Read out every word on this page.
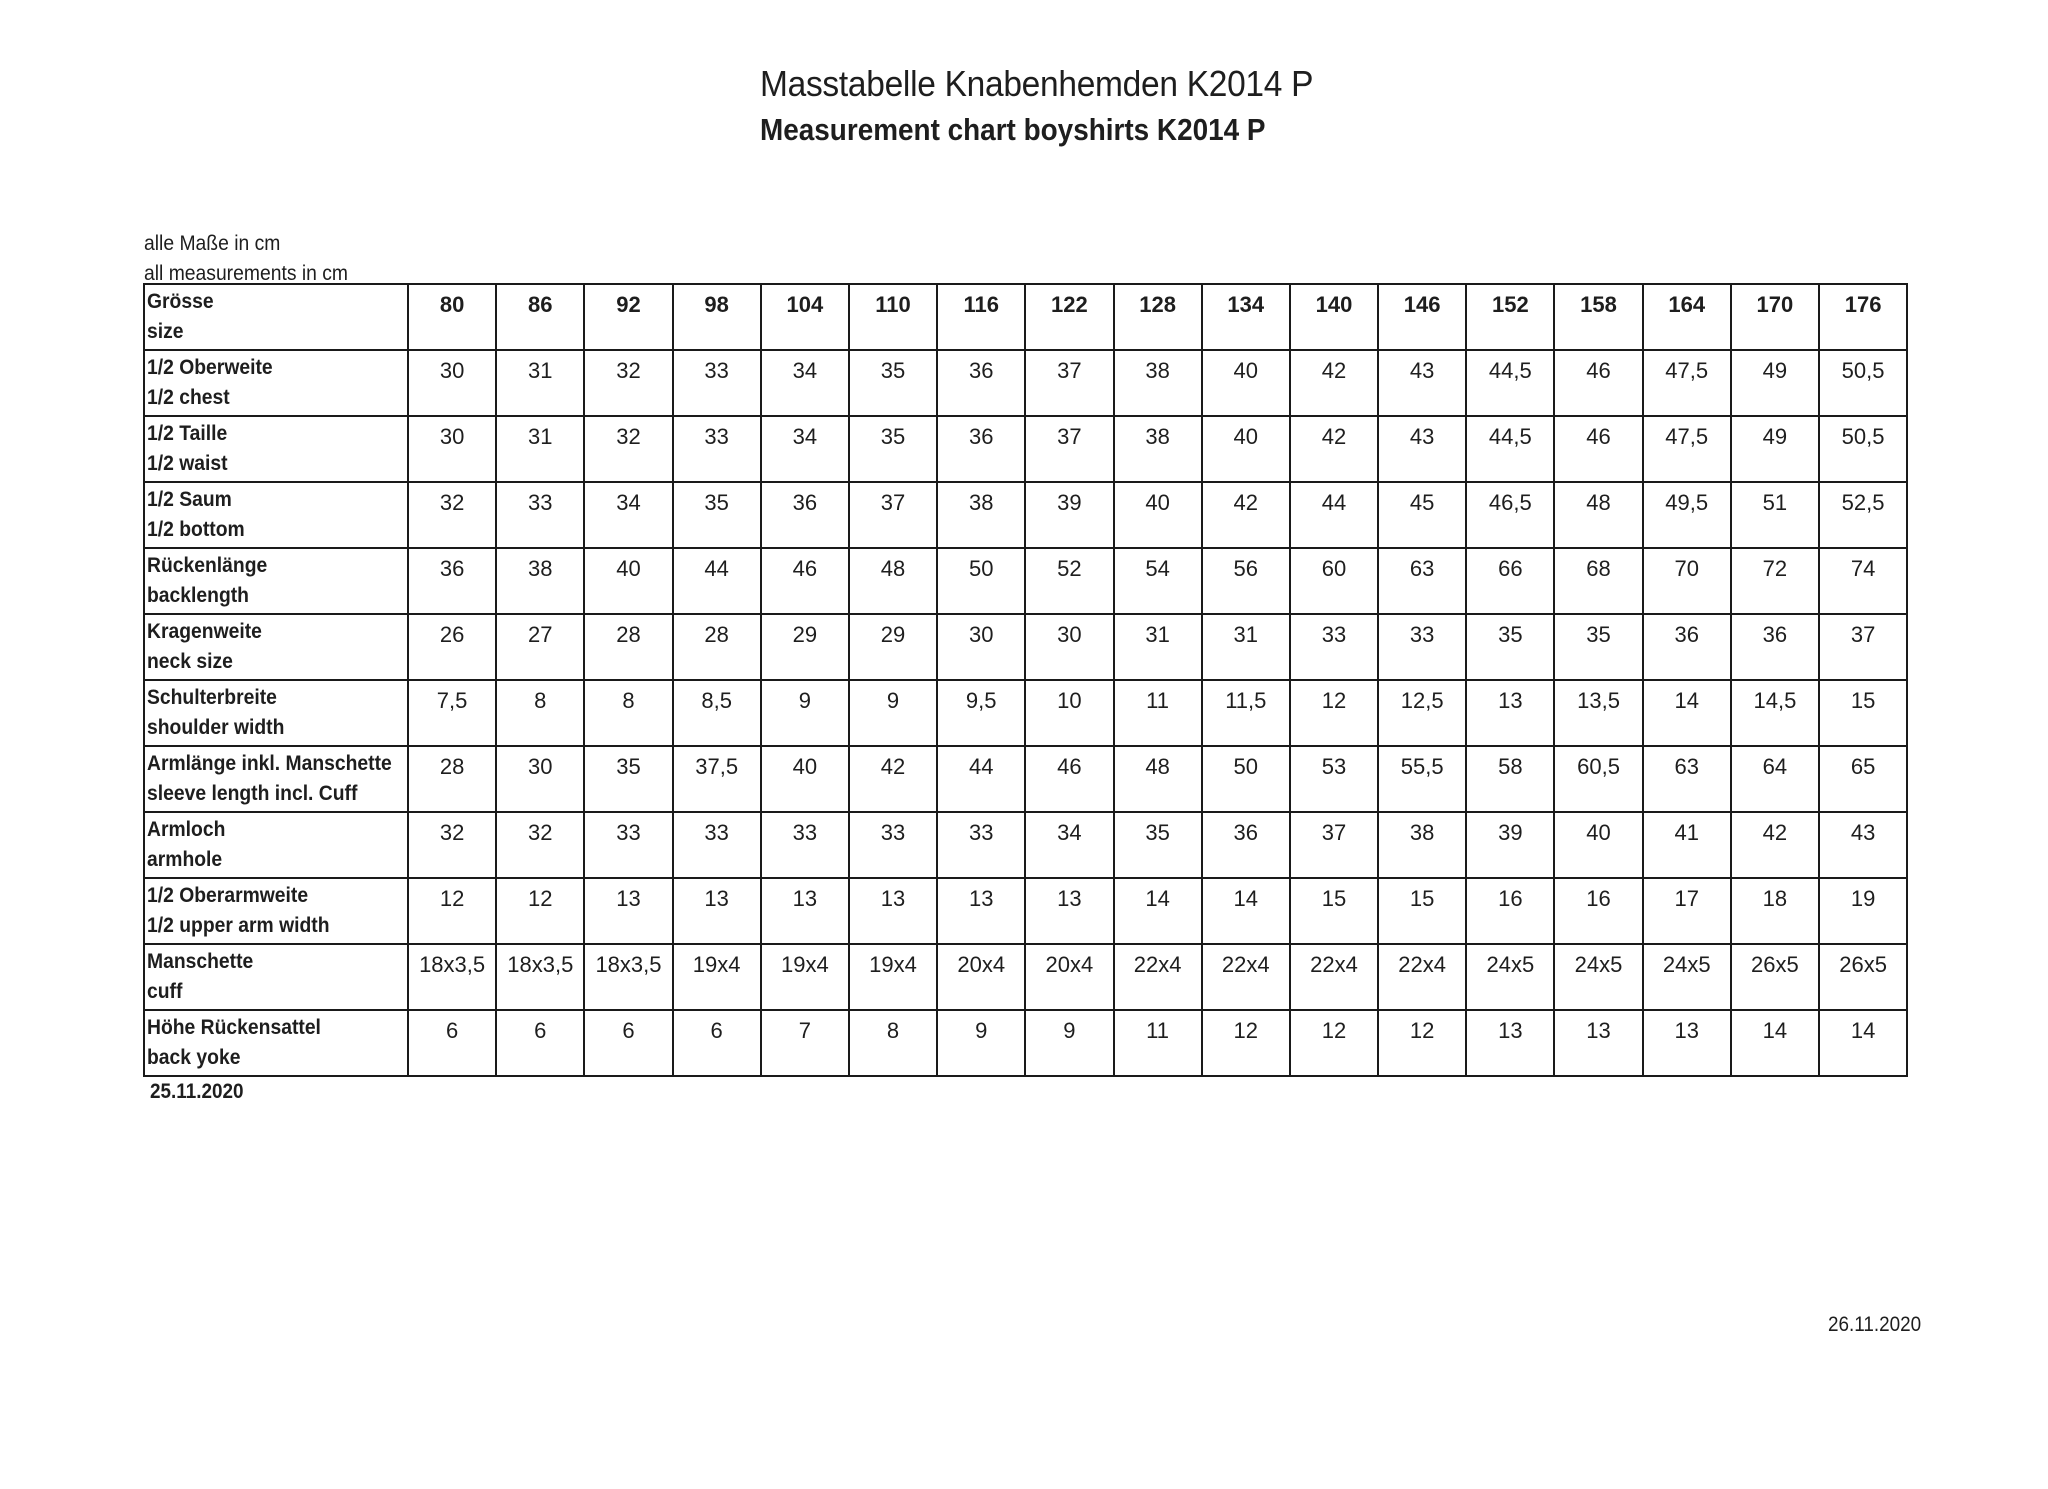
Masstabelle Knabenhemden K2014 P
Measurement chart boyshirts K2014 P
alle Maße in cm
all measurements in cm
Grösse
size	80	86	92	98	104	110	116	122	128	134	140	146	152	158	164	170	176

1/2 Oberweite
1/2 chest	30	31	32	33	34	35	36	37	38	40	42	43	44,5	46	47,5	49	50,5

1/2 Taille
1/2 waist	30	31	32	33	34	35	36	37	38	40	42	43	44,5	46	47,5	49	50,5

1/2 Saum
1/2 bottom	32	33	34	35	36	37	38	39	40	42	44	45	46,5	48	49,5	51	52,5

Rückenlänge
backlength	36	38	40	44	46	48	50	52	54	56	60	63	66	68	70	72	74

Kragenweite
neck size	26	27	28	28	29	29	30	30	31	31	33	33	35	35	36	36	37

Schulterbreite
shoulder width	7,5	8	8	8,5	9	9	9,5	10	11	11,5	12	12,5	13	13,5	14	14,5	15

Armlänge inkl. Manschette
sleeve length incl. Cuff	28	30	35	37,5	40	42	44	46	48	50	53	55,5	58	60,5	63	64	65

Armloch
armhole	32	32	33	33	33	33	33	34	35	36	37	38	39	40	41	42	43

1/2 Oberarmweite
1/2 upper arm width	12	12	13	13	13	13	13	13	14	14	15	15	16	16	17	18	19

Manschette
cuff	18x3,5	18x3,5	18x3,5	19x4	19x4	19x4	20x4	20x4	22x4	22x4	22x4	22x4	24x5	24x5	24x5	26x5	26x5

Höhe Rückensattel
back yoke	6	6	6	6	7	8	9	9	11	12	12	12	13	13	13	14	14
25.11.2020
26.11.2020
